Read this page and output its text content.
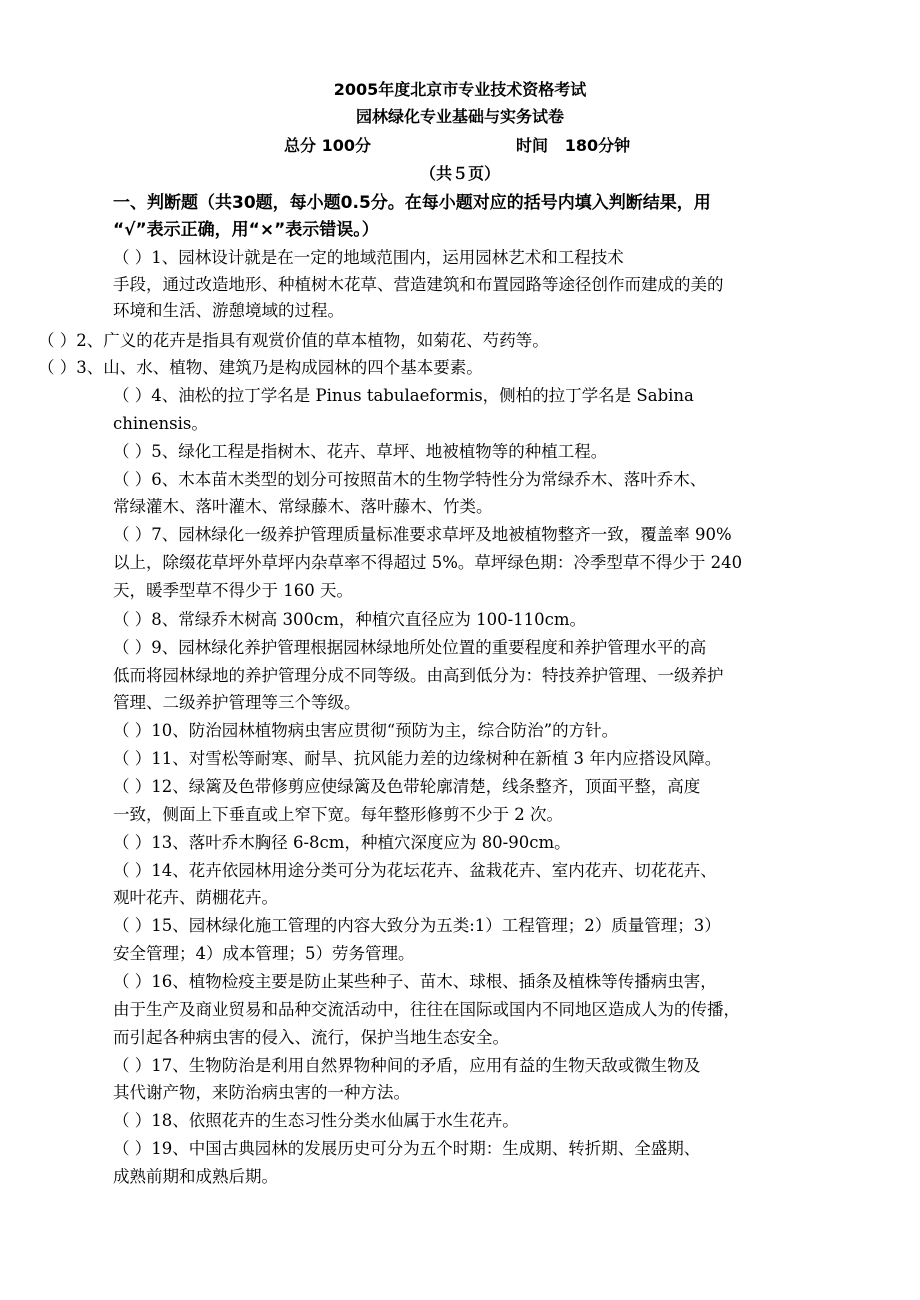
2005年度北京市专业技术资格考试
园林绿化专业基础与实务试卷
总分 100分	时间   180分钟
（共５页）
一、判断题（共30题，每小题0.5分。在每小题对应的括号内填入判断结果，用
“√”表示正确，用“×”表示错误。）
（ ）1、园林设计就是在一定的地域范围内，运用园林艺术和工程技术
手段，通过改造地形、种植树木花草、营造建筑和布置园路等途径创作而建成的美的
环境和生活、游憩境域的过程。
（ ）2、广义的花卉是指具有观赏价值的草本植物，如菊花、芍药等。
（ ）3、山、水、植物、建筑乃是构成园林的四个基本要素。
（ ）4、油松的拉丁学名是 Pinus tabulaeformis，侧柏的拉丁学名是 Sabina
chinensis。
（ ）5、绿化工程是指树木、花卉、草坪、地被植物等的种植工程。
（ ）6、木本苗木类型的划分可按照苗木的生物学特性分为常绿乔木、落叶乔木、
常绿灌木、落叶灌木、常绿藤木、落叶藤木、竹类。
（ ）7、园林绿化一级养护管理质量标准要求草坪及地被植物整齐一致，覆盖率 90%
以上，除缀花草坪外草坪内杂草率不得超过 5%。草坪绿色期：冷季型草不得少于 240
天，暖季型草不得少于 160 天。
（ ）8、常绿乔木树高 300cm，种植穴直径应为 100-110cm。
（ ）9、园林绿化养护管理根据园林绿地所处位置的重要程度和养护管理水平的高
低而将园林绿地的养护管理分成不同等级。由高到低分为：特技养护管理、一级养护
管理、二级养护管理等三个等级。
（ ）10、防治园林植物病虫害应贯彻“预防为主，综合防治”的方针。
（ ）11、对雪松等耐寒、耐旱、抗风能力差的边缘树种在新植 3 年内应搭设风障。
（ ）12、绿篱及色带修剪应使绿篱及色带轮廓清楚，线条整齐，顶面平整，高度
一致，侧面上下垂直或上窄下宽。每年整形修剪不少于 2 次。
（ ）13、落叶乔木胸径 6-8cm，种植穴深度应为 80-90cm。
（ ）14、花卉依园林用途分类可分为花坛花卉、盆栽花卉、室内花卉、切花花卉、
观叶花卉、荫棚花卉。
（ ）15、园林绿化施工管理的内容大致分为五类:1）工程管理；2）质量管理；3）
安全管理；4）成本管理；5）劳务管理。
（ ）16、植物检疫主要是防止某些种子、苗木、球根、插条及植株等传播病虫害，
由于生产及商业贸易和品种交流活动中，往往在国际或国内不同地区造成人为的传播，
而引起各种病虫害的侵入、流行，保护当地生态安全。
（ ）17、生物防治是利用自然界物种间的矛盾，应用有益的生物天敌或微生物及
其代谢产物，来防治病虫害的一种方法。
（ ）18、依照花卉的生态习性分类水仙属于水生花卉。
（ ）19、中国古典园林的发展历史可分为五个时期：生成期、转折期、全盛期、
成熟前期和成熟后期。
